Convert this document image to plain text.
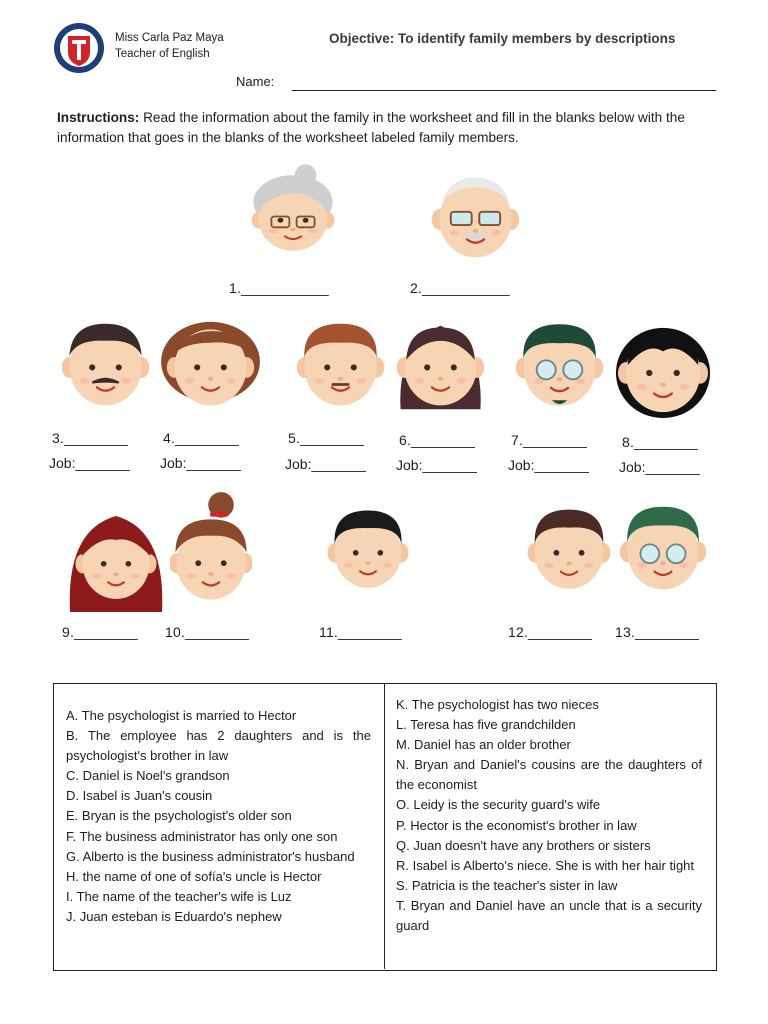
Miss Carla Paz Maya
Teacher of English
Objective: To identify family members by descriptions
Name:
Instructions: Read the information about the family in the worksheet and fill in the blanks below with the information that goes in the blanks of the worksheet labeled family members.
1.___________	2.___________
3.________	4.________	5.________	6.________	7.________	8.________
Job:_______ Job:_______	Job:_______ Job:_______ Job:_______ Job:_______
9.________ 10.________	11.________	12.________ 13.________

A. The psychologist is married to Hector

B. The employee has 2 daughters and is the psychologist's brother in law

C. Daniel is Noel's grandson

D. Isabel is Juan's cousin

E. Bryan is the psychologist's older son

F. The business administrator has only one son

G. Alberto is the business administrator's husband

H. the name of one of sofía's uncle is Hector

I. The name of the teacher's wife is Luz

J. Juan esteban is Eduardo's nephew

K. The psychologist has two nieces

L. Teresa has five grandchilden

M. Daniel has an older brother

N. Bryan and Daniel's cousins are the daughters of the economist

O. Leidy is the security guard's wife

P. Hector is the economist's brother in law

Q. Juan doesn't have any brothers or sisters

R. Isabel is Alberto's niece. She is with her hair tight

S. Patricia is the teacher's sister in law

T. Bryan and Daniel have an uncle that is a security guard
